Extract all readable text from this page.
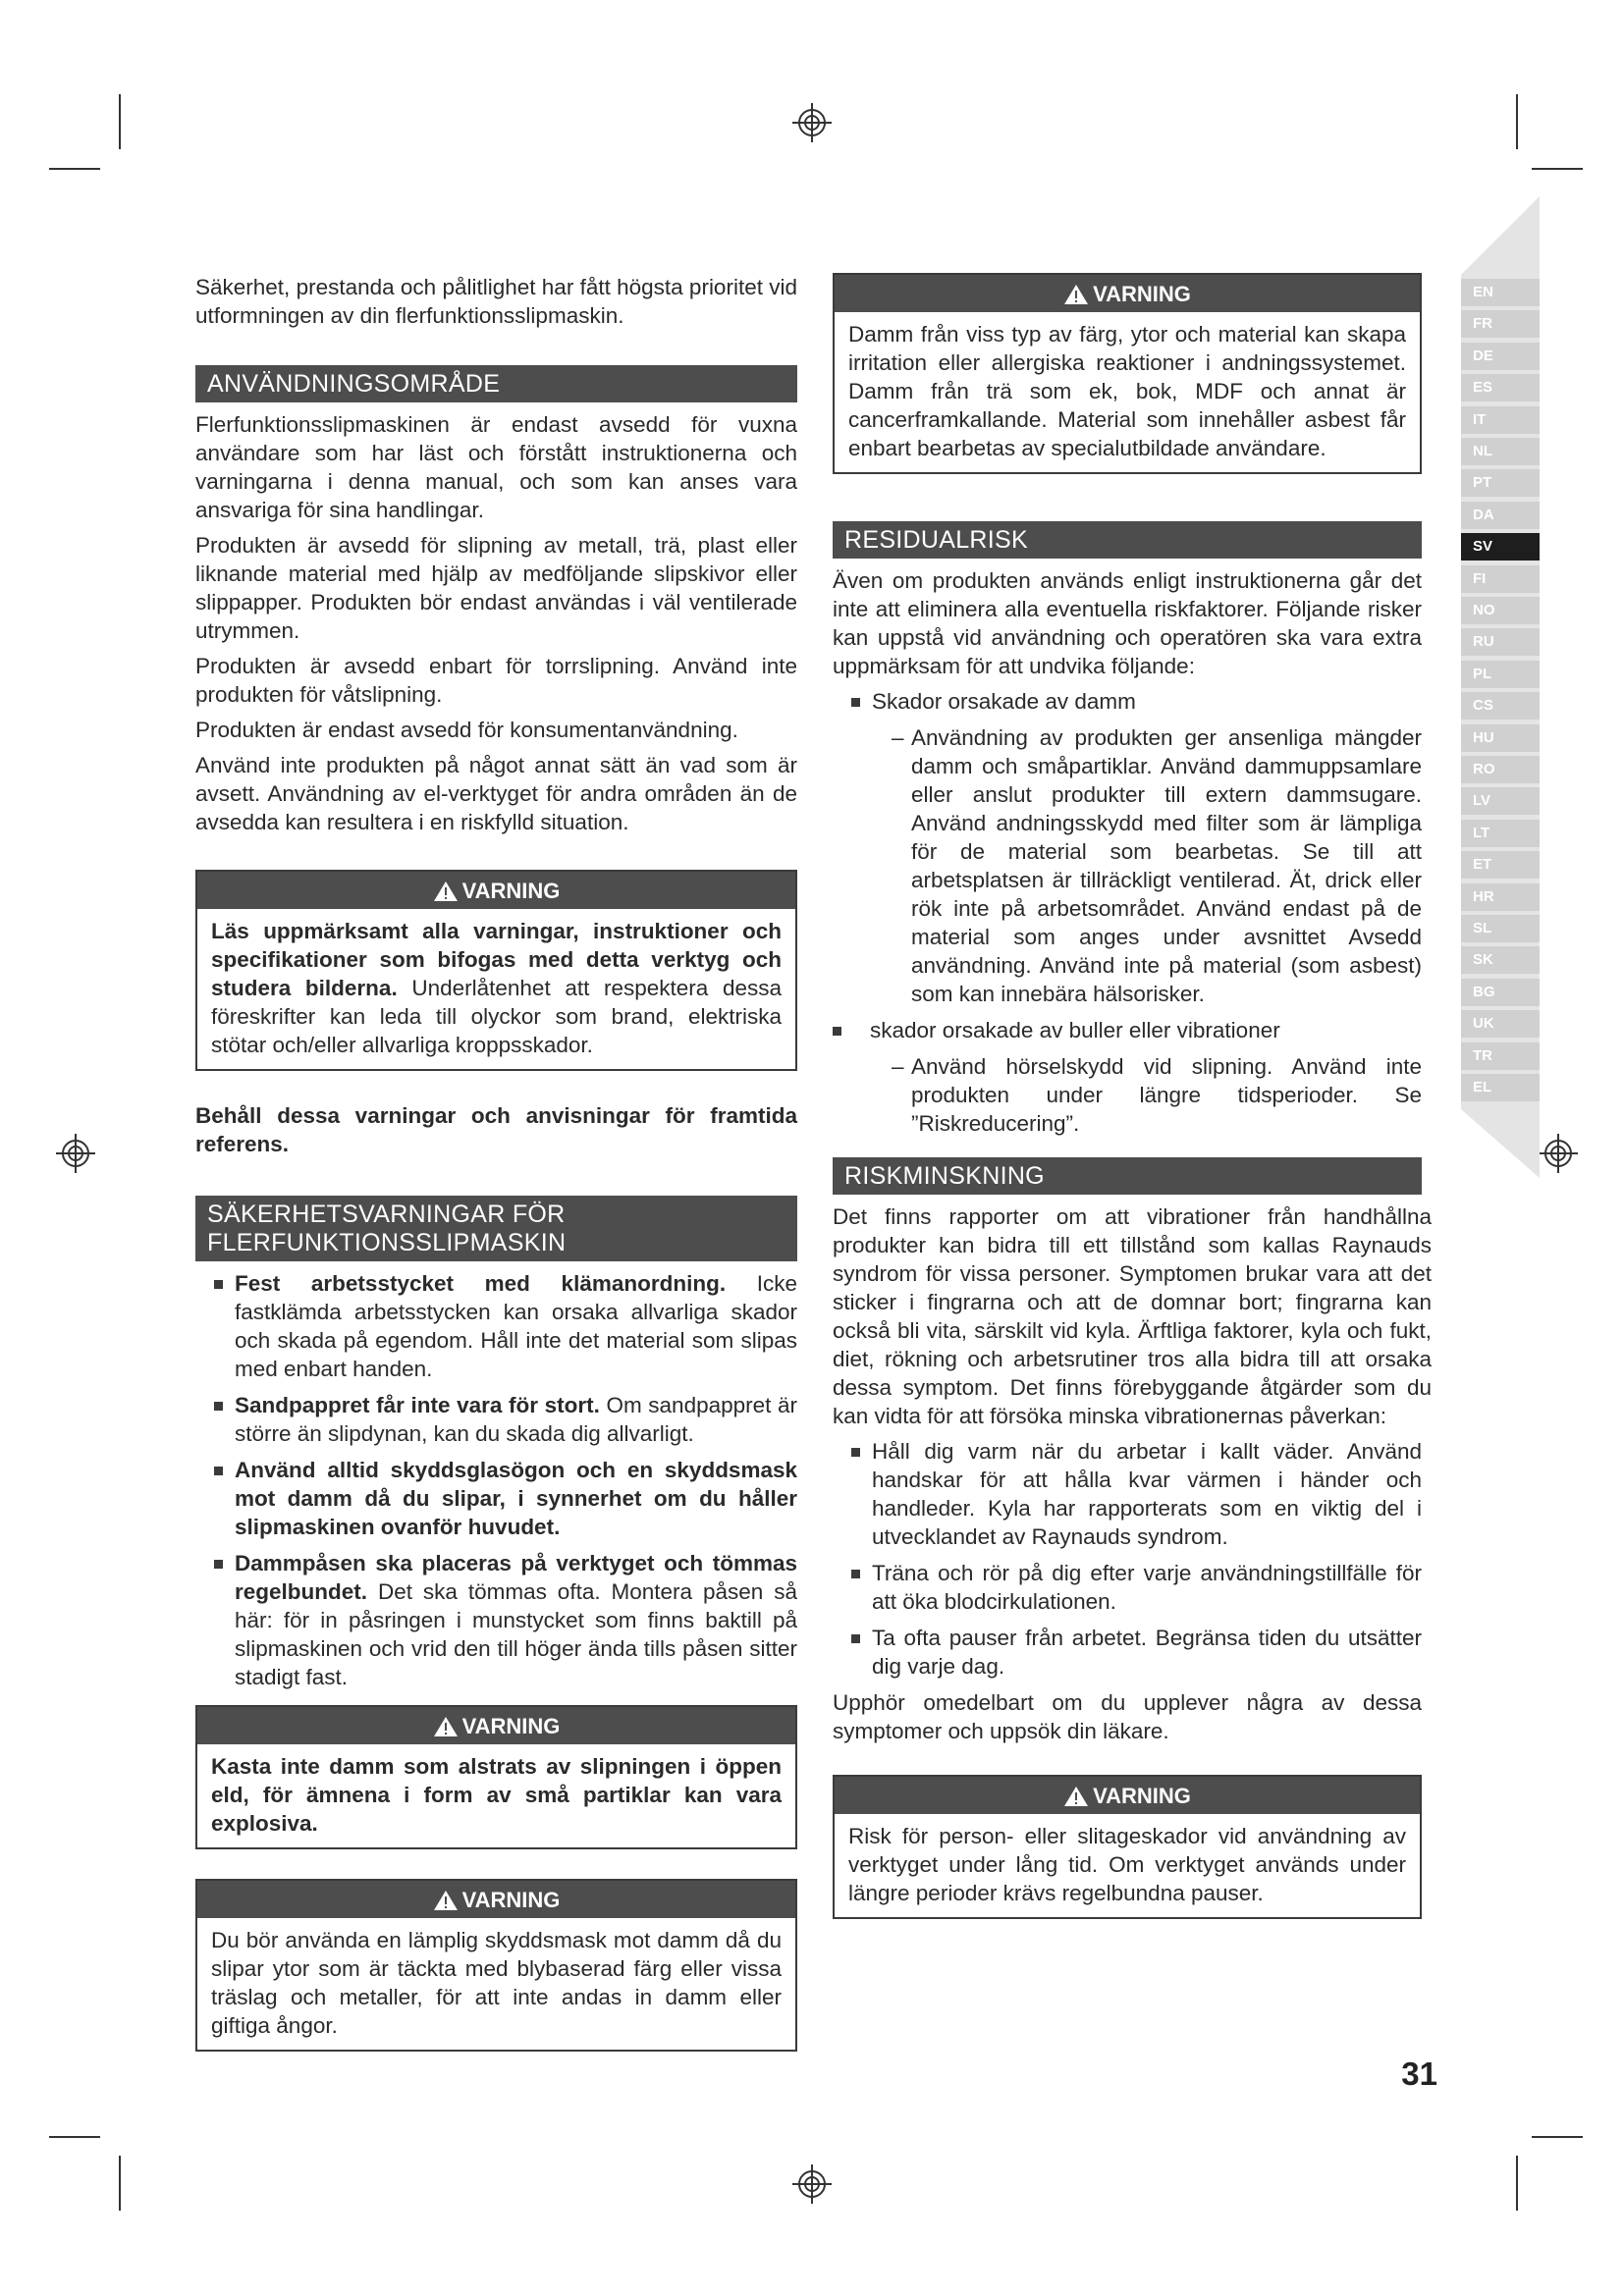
EN
FR
DE
ES
IT
NL
PT
DA
SV
FI
NO
RU
PL
CS
HU
RO
LV
LT
ET
HR
SL
SK
BG
UK
TR
EL

Säkerhet, prestanda och pålitlighet har fått högsta prioritet vid utformningen av din flerfunktionsslipmaskin.

ANVÄNDNINGSOMRÅDE

Flerfunktionsslipmaskinen är endast avsedd för vuxna användare som har läst och förstått instruktionerna och varningarna i denna manual, och som kan anses vara ansvariga för sina handlingar.

Produkten är avsedd för slipning av metall, trä, plast eller liknande material med hjälp av medföljande slipskivor eller slippapper. Produkten bör endast användas i väl ventilerade utrymmen.

Produkten är avsedd enbart för torrslipning. Använd inte produkten för våtslipning.

Produkten är endast avsedd för konsumentanvändning.

Använd inte produkten på något annat sätt än vad som är avsett. Användning av el-verktyget för andra områden än de avsedda kan resultera i en riskfylld situation.

VARNING
Läs uppmärksamt alla varningar, instruktioner och specifikationer som bifogas med detta verktyg och studera bilderna. Underlåtenhet att respektera dessa föreskrifter kan leda till olyckor som brand, elektriska stötar och/eller allvarliga kroppsskador.

Behåll dessa varningar och anvisningar för framtida referens.

SÄKERHETSVARNINGAR FÖR
FLERFUNKTIONSSLIPMASKIN
Fest arbetsstycket med klämanordning. Icke fastklämda arbetsstycken kan orsaka allvarliga skador och skada på egendom. Håll inte det material som slipas med enbart handen.
Sandpappret får inte vara för stort. Om sandpappret är större än slipdynan, kan du skada dig allvarligt.
Använd alltid skyddsglasögon och en skyddsmask mot damm då du slipar, i synnerhet om du håller slipmaskinen ovanför huvudet.
Dammpåsen ska placeras på verktyget och tömmas regelbundet. Det ska tömmas ofta. Montera påsen så här: för in påsringen i munstycket som finns baktill på slipmaskinen och vrid den till höger ända tills påsen sitter stadigt fast.
VARNING
Kasta inte damm som alstrats av slipningen i öppen eld, för ämnena i form av små partiklar kan vara explosiva.
VARNING
Du bör använda en lämplig skyddsmask mot damm då du slipar ytor som är täckta med blybaserad färg eller vissa träslag och metaller, för att inte andas in damm eller giftiga ångor.
VARNING
Damm från viss typ av färg, ytor och material kan skapa irritation eller allergiska reaktioner i andningssystemet. Damm från trä som ek, bok, MDF och annat är cancerframkallande. Material som innehåller asbest får enbart bearbetas av specialutbildade användare.
RESIDUALRISK

Även om produkten används enligt instruktionerna går det inte att eliminera alla eventuella riskfaktorer. Följande risker kan uppstå vid användning och operatören ska vara extra uppmärksam för att undvika följande:

Skador orsakade av damm
– Användning av produkten ger ansenliga mängder damm och småpartiklar. Använd dammuppsamlare eller anslut produkter till extern dammsugare. Använd andningsskydd med filter som är lämpliga för de material som bearbetas. Se till att arbetsplatsen är tillräckligt ventilerad. Ät, drick eller rök inte på arbetsområdet. Använd endast på de material som anges under avsnittet Avsedd användning. Använd inte på material (som asbest) som kan innebära hälsorisker.
skador orsakade av buller eller vibrationer
– Använd hörselskydd vid slipning. Använd inte produkten under längre tidsperioder. Se ”Riskreducering”.
RISKMINSKNING

Det finns rapporter om att vibrationer från handhållna produkter kan bidra till ett tillstånd som kallas Raynauds syndrom för vissa personer. Symptomen brukar vara att det sticker i fingrarna och att de domnar bort; fingrarna kan också bli vita, särskilt vid kyla. Ärftliga faktorer, kyla och fukt, diet, rökning och arbetsrutiner tros alla bidra till att orsaka dessa symptom. Det finns förebyggande åtgärder som du kan vidta för att försöka minska vibrationernas påverkan:

Håll dig varm när du arbetar i kallt väder. Använd handskar för att hålla kvar värmen i händer och handleder. Kyla har rapporterats som en viktig del i utvecklandet av Raynauds syndrom.
Träna och rör på dig efter varje användningstillfälle för att öka blodcirkulationen.
Ta ofta pauser från arbetet. Begränsa tiden du utsätter dig varje dag.

Upphör omedelbart om du upplever några av dessa symptomer och uppsök din läkare.

VARNING
Risk för person- eller slitageskador vid användning av verktyget under lång tid. Om verktyget används under längre perioder krävs regelbundna pauser.
31
